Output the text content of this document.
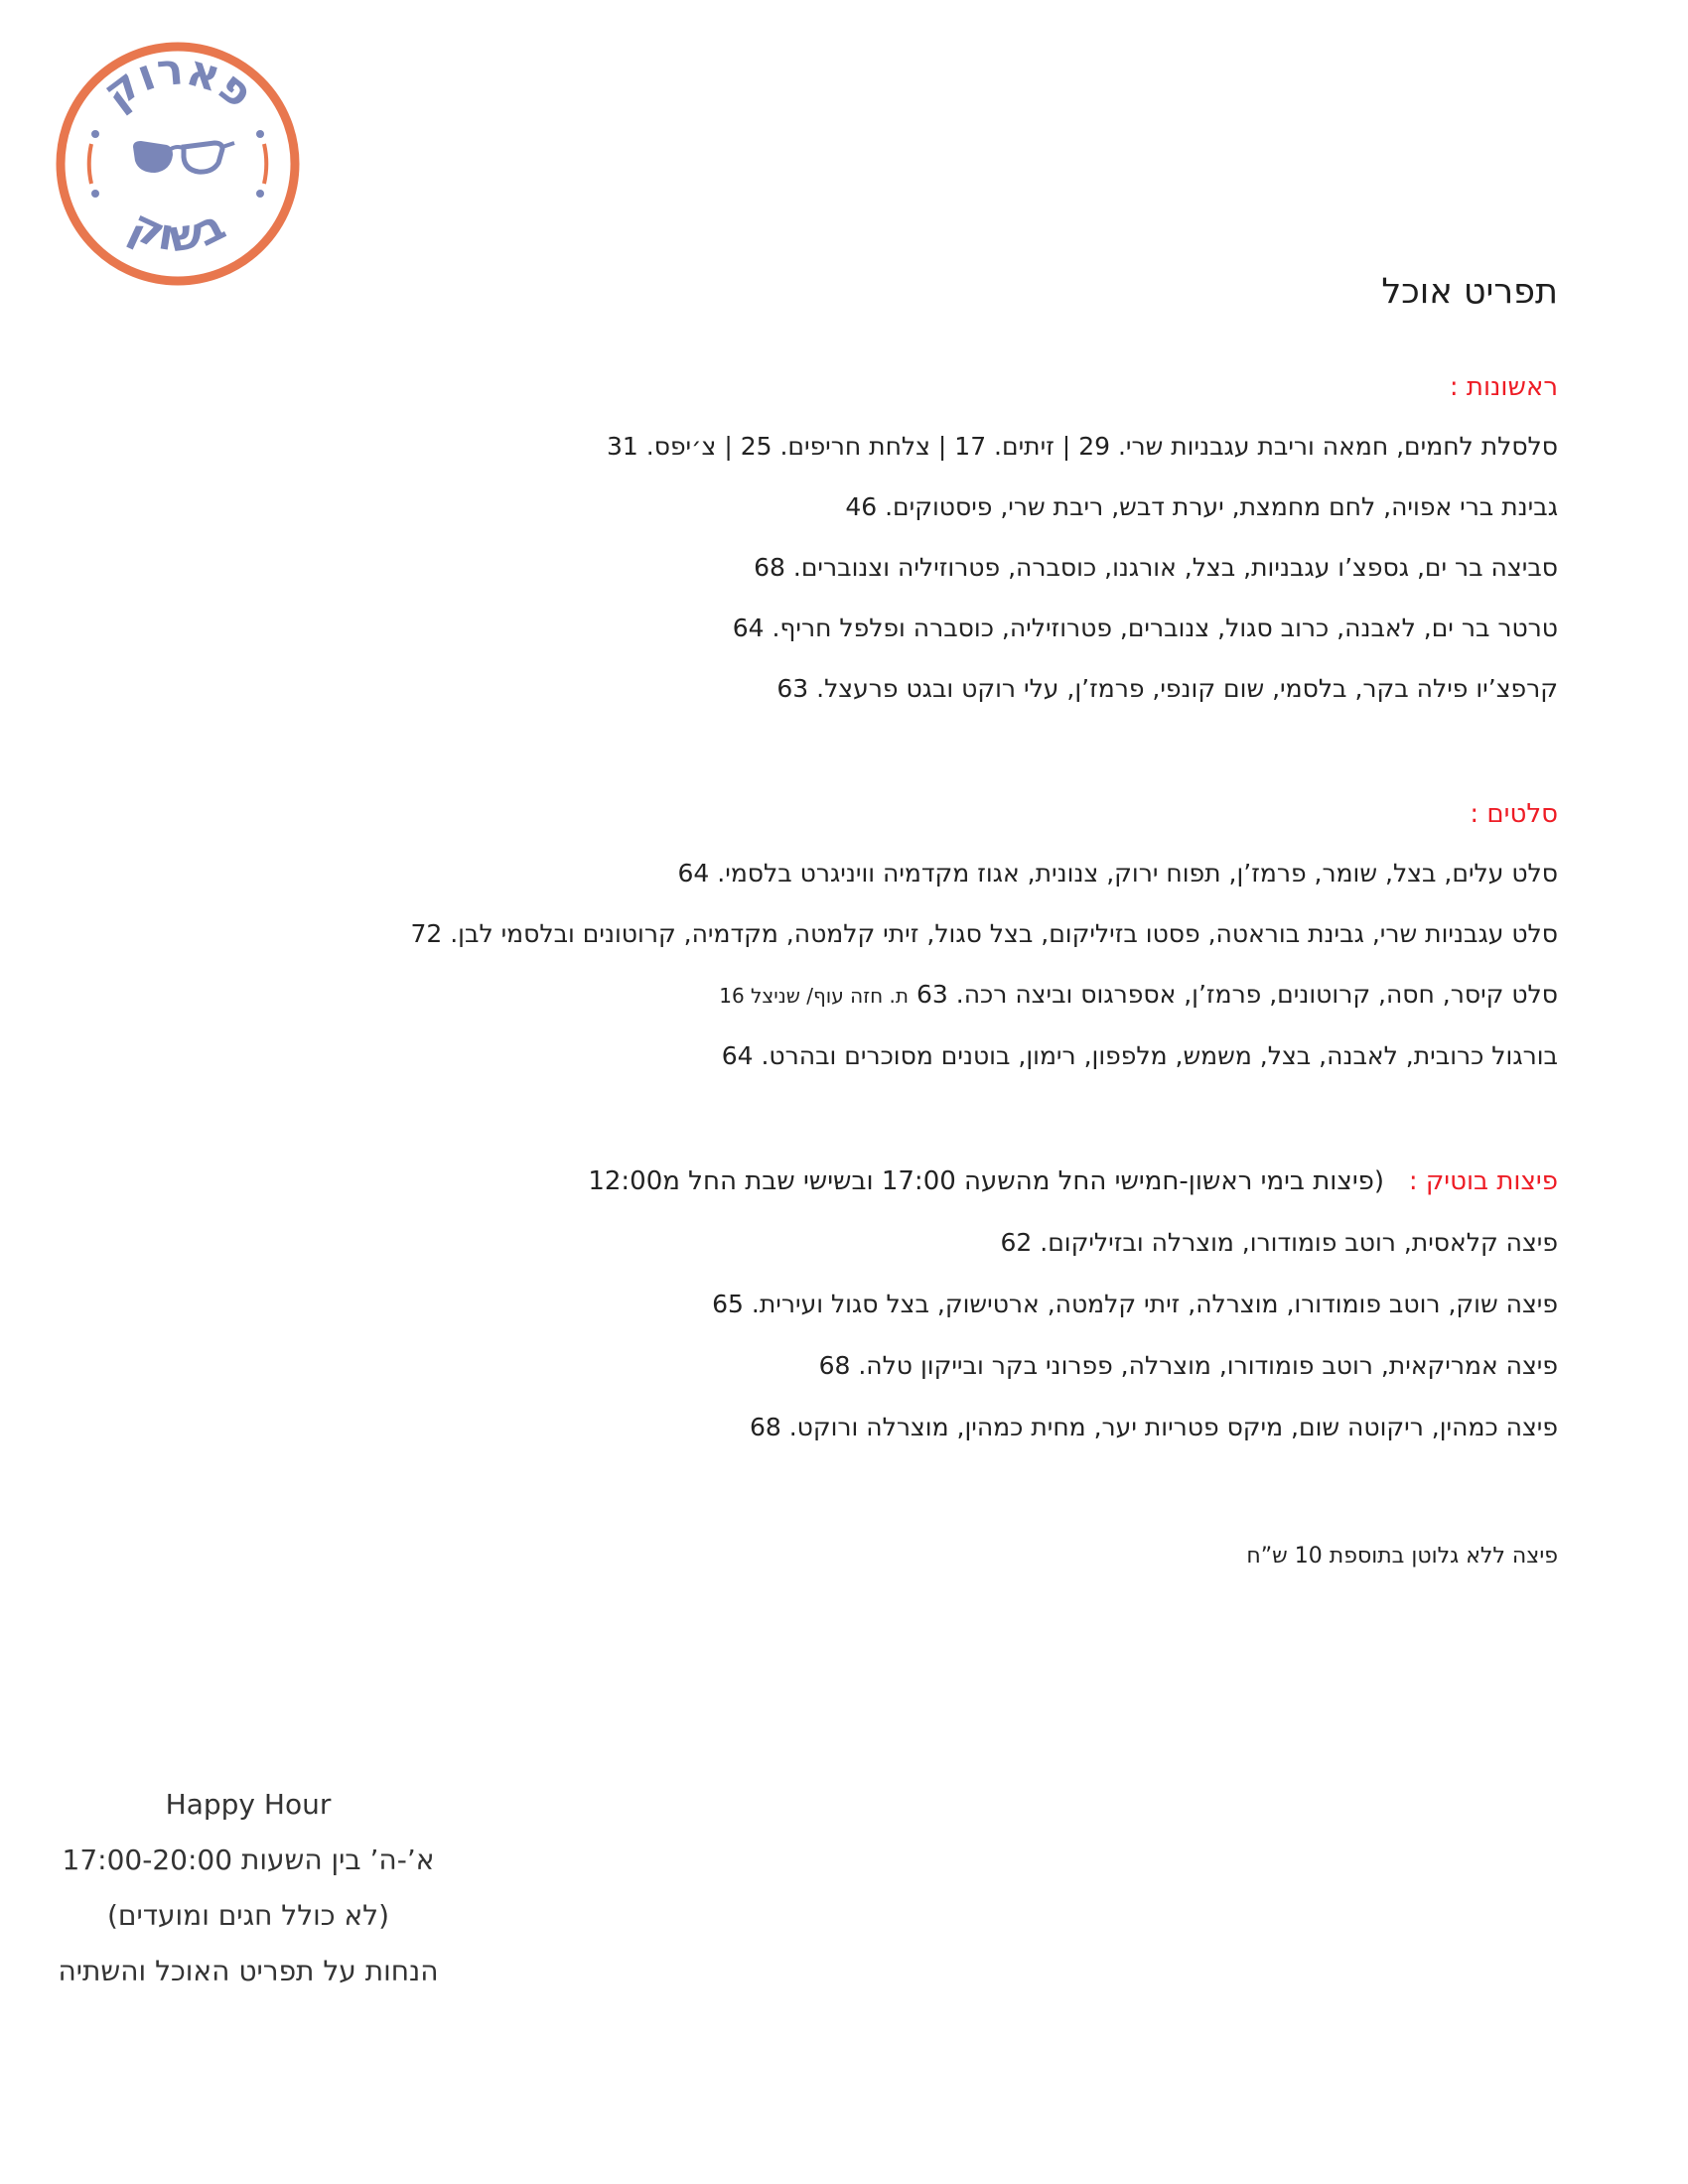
פארוק
בשוק
תפריט אוכל
ראשונות :

סלסלת לחמים, חמאה וריבת עגבניות שרי. 29 | זיתים. 17 | צלחת חריפים. 25 | צ׳יפס. 31

גבינת ברי אפויה, לחם מחמצת, יערת דבש, ריבת שרי, פיסטוקים. 46

סביצה בר ים, גספצ’ו עגבניות, בצל, אורגנו, כוסברה, פטרוזיליה וצנוברים. 68

טרטר בר ים, לאבנה, כרוב סגול, צנוברים, פטרוזיליה, כוסברה ופלפל חריף. 64

קרפצ’יו פילה בקר, בלסמי, שום קונפי, פרמז’ן, עלי רוקט ובגט פרעצל. 63

סלטים :

סלט עלים, בצל, שומר, פרמז’ן, תפוח ירוק, צנונית, אגוז מקדמיה וויניגרט בלסמי. 64

סלט עגבניות שרי, גבינת בוראטה, פסטו בזיליקום, בצל סגול, זיתי קלמטה, מקדמיה, קרוטונים ובלסמי לבן. 72

סלט קיסר, חסה, קרוטונים, פרמז’ן, אספרגוס וביצה רכה. 63 ת. חזה עוף/ שניצל 16

בורגול כרובית, לאבנה, בצל, משמש, מלפפון, רימון, בוטנים מסוכרים ובהרט. 64

פיצות בוטיק :   (פיצות בימי ראשון-חמישי החל מהשעה 17:00 ובשישי שבת החל מ12:00

פיצה קלאסית, רוטב פומודורו, מוצרלה ובזיליקום. 62

פיצה שוק, רוטב פומודורו, מוצרלה, זיתי קלמטה, ארטישוק, בצל סגול ועירית. 65

פיצה אמריקאית, רוטב פומודורו, מוצרלה, פפרוני בקר ובייקון טלה. 68

פיצה כמהין, ריקוטה שום, מיקס פטריות יער, מחית כמהין, מוצרלה ורוקט. 68

פיצה ללא גלוטן בתוספת 10 ש”ח

Happy Hour

א’-ה’ בין השעות 17:00-20:00

(לא כולל חגים ומועדים)

הנחות על תפריט האוכל והשתיה
